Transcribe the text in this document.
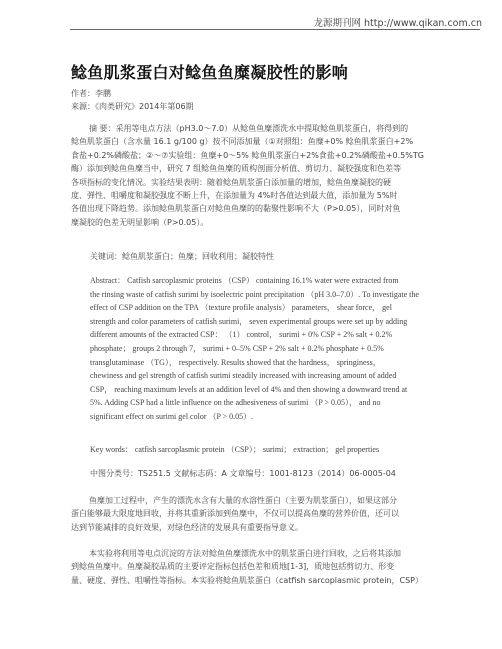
龙源期刊网 http://www.qikan.com.cn
鲶鱼肌浆蛋白对鲶鱼鱼糜凝胶性的影响
作者：李鹏
来源：《肉类研究》2014年第06期
摘 要：采用等电点方法（pH3.0～7.0）从鲶鱼鱼糜漂洗水中提取鲶鱼肌浆蛋白，将得到的
鲶鱼肌浆蛋白（含水量 16.1 g/100 g）按不同添加量（①对照组：鱼糜+0% 鲶鱼肌浆蛋白+2%
食盐+0.2%磷酸盐；②～⑦实验组：鱼糜+0～5% 鲶鱼肌浆蛋白+2%食盐+0.2%磷酸盐+0.5%TG
酶）添加到鲶鱼鱼糜当中，研究 7 组鲶鱼鱼糜的质构剖面分析值、剪切力、凝胶强度和色差等
各项指标的变化情况。实验结果表明：随着鲶鱼肌浆蛋白添加量的增加，鲶鱼鱼糜凝胶的硬
度、弹性、咀嚼度和凝胶强度不断上升，在添加量为 4%时各值达到最大值，添加量为 5%时
各值出现下降趋势。添加鲶鱼肌浆蛋白对鲶鱼鱼糜的的黏聚性影响不大（P>0.05），同时对鱼
糜凝胶的色差无明显影响（P>0.05）。
关键词：鲶鱼肌浆蛋白；鱼糜；回收利用；凝胶特性
Abstract： Catfish sarcoplasmic proteins （CSP） containing 16.1% water were extracted from
the rinsing waste of catfish surimi by isoelectric point precipitation （pH 3.0–7.0）. To investigate the
effect of CSP addition on the TPA （texture profile analysis） parameters， shear force， gel
strength and color parameters of catfish surimi， seven experimental groups were set up by adding
different amounts of the extracted CSP： （1） control， surimi + 0% CSP + 2% salt + 0.2%
phosphate； groups 2 through 7， surimi + 0–5% CSP + 2% salt + 0.2% phosphate + 0.5%
transglutaminase （TG）， respectively. Results showed that the hardness， springiness，
chewiness and gel strength of catfish surimi steadily increased with increasing amount of added
CSP， reaching maximum levels at an addition level of 4% and then showing a downward trend at
5%. Adding CSP had a little influence on the adhesiveness of surimi （P > 0.05）， and no
significant effect on surimi gel color （P > 0.05）.
Key words： catfish sarcoplasmic protein （CSP）； surimi； extraction； gel properties
中图分类号：TS251.5 文献标志码：A 文章编号：1001-8123（2014）06-0005-04
鱼糜加工过程中，产生的漂洗水含有大量的水溶性蛋白（主要为肌浆蛋白），如果这部分
蛋白能够最大限度地回收，并将其重新添加到鱼糜中，不仅可以提高鱼糜的营养价值，还可以
达到节能减排的良好效果，对绿色经济的发展具有重要指导意义。
本实验将利用等电点沉淀的方法对鲶鱼鱼糜漂洗水中的肌浆蛋白进行回收，之后将其添加
到鲶鱼鱼糜中。鱼糜凝胶品质的主要评定指标包括色差和质地[1-3]，质地包括剪切力、形变
量、硬度、弹性、咀嚼性等指标。本实验将鲶鱼肌浆蛋白（catfish sarcoplasmic protein，CSP）
